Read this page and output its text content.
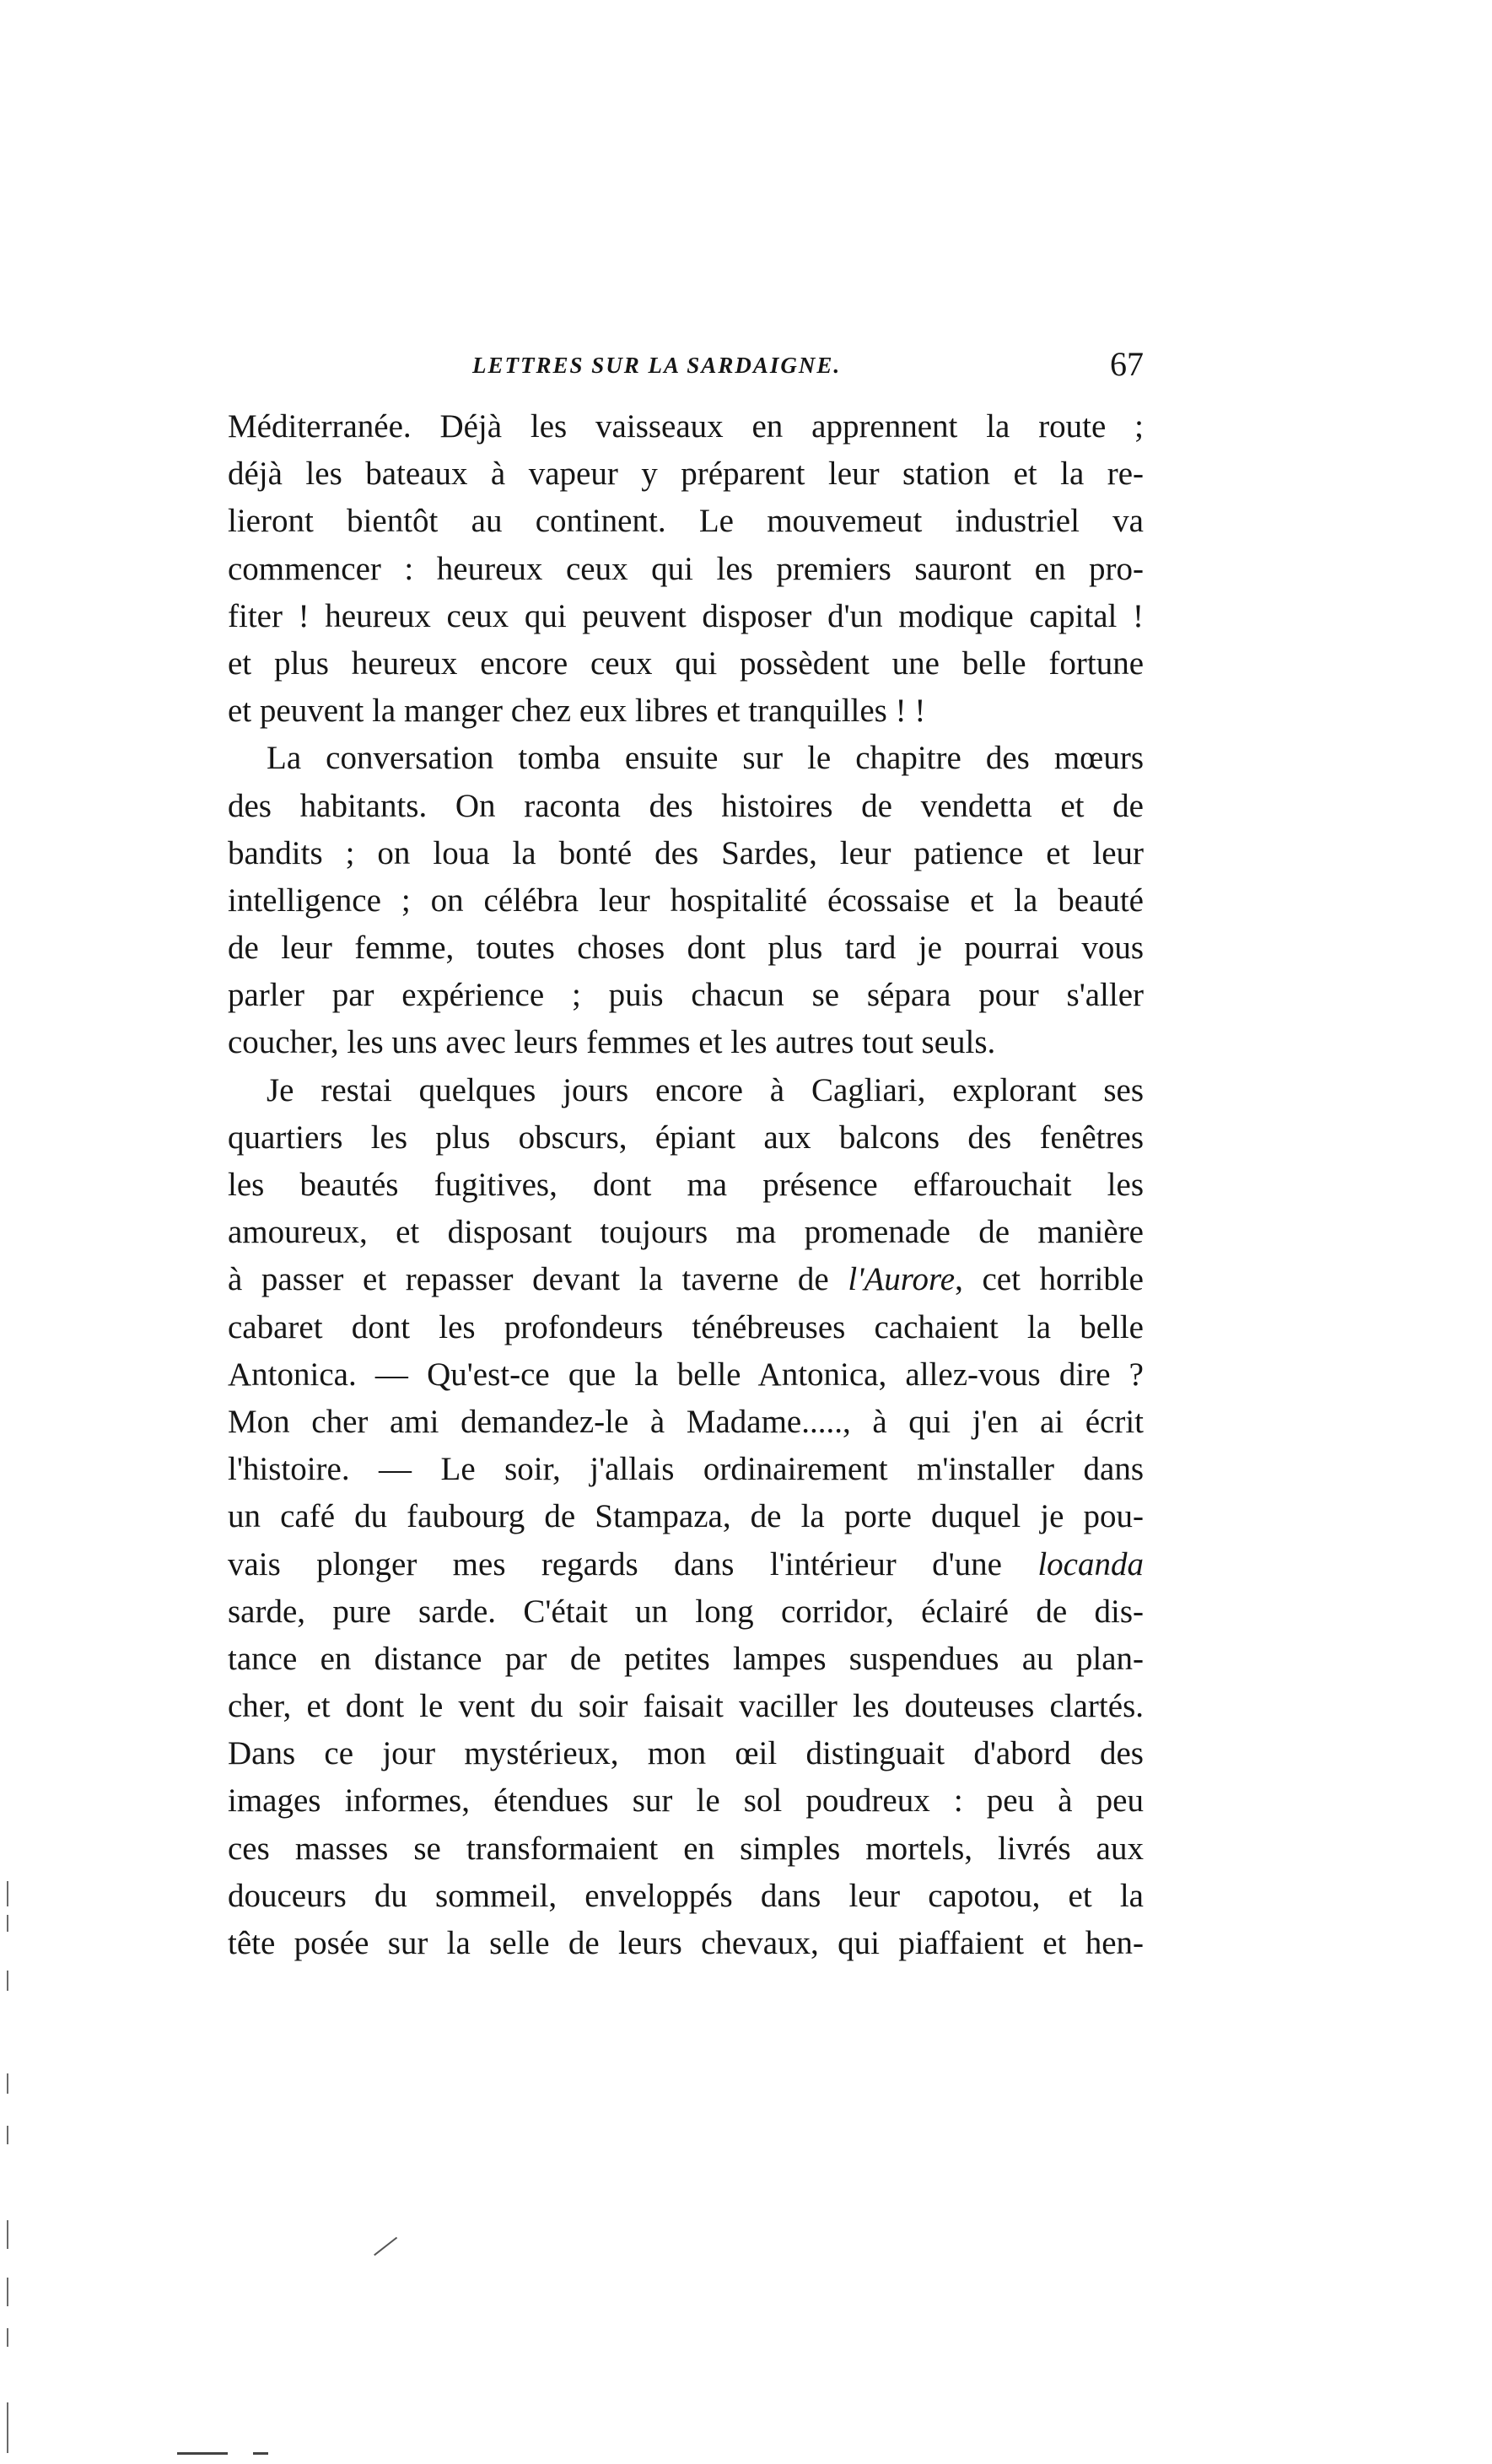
LETTRES SUR LA SARDAIGNE.	67
Méditerranée. Déjà les vaisseaux en apprennent la route ;
déjà les bateaux à vapeur y préparent leur station et la re-
lieront bientôt au continent. Le mouvemeut industriel va
commencer : heureux ceux qui les premiers sauront en pro-
fiter ! heureux ceux qui peuvent disposer d'un modique capital !
et plus heureux encore ceux qui possèdent une belle fortune
et peuvent la manger chez eux libres et tranquilles ! !
La conversation tomba ensuite sur le chapitre des mœurs
des habitants. On raconta des histoires de vendetta et de
bandits ; on loua la bonté des Sardes, leur patience et leur
intelligence ; on célébra leur hospitalité écossaise et la beauté
de leur femme, toutes choses dont plus tard je pourrai vous
parler par expérience ; puis chacun se sépara pour s'aller
coucher, les uns avec leurs femmes et les autres tout seuls.
Je restai quelques jours encore à Cagliari, explorant ses
quartiers les plus obscurs, épiant aux balcons des fenêtres
les beautés fugitives, dont ma présence effarouchait les
amoureux, et disposant toujours ma promenade de manière
à passer et repasser devant la taverne de l'Aurore, cet horrible
cabaret dont les profondeurs ténébreuses cachaient la belle
Antonica. — Qu'est-ce que la belle Antonica, allez-vous dire ?
Mon cher ami demandez-le à Madame....., à qui j'en ai écrit
l'histoire. — Le soir, j'allais ordinairement m'installer dans
un café du faubourg de Stampaza, de la porte duquel je pou-
vais plonger mes regards dans l'intérieur d'une locanda
sarde, pure sarde. C'était un long corridor, éclairé de dis-
tance en distance par de petites lampes suspendues au plan-
cher, et dont le vent du soir faisait vaciller les douteuses clartés.
Dans ce jour mystérieux, mon œil distinguait d'abord des
images informes, étendues sur le sol poudreux : peu à peu
ces masses se transformaient en simples mortels, livrés aux
douceurs du sommeil, enveloppés dans leur capotou, et la
tête posée sur la selle de leurs chevaux, qui piaffaient et hen-
